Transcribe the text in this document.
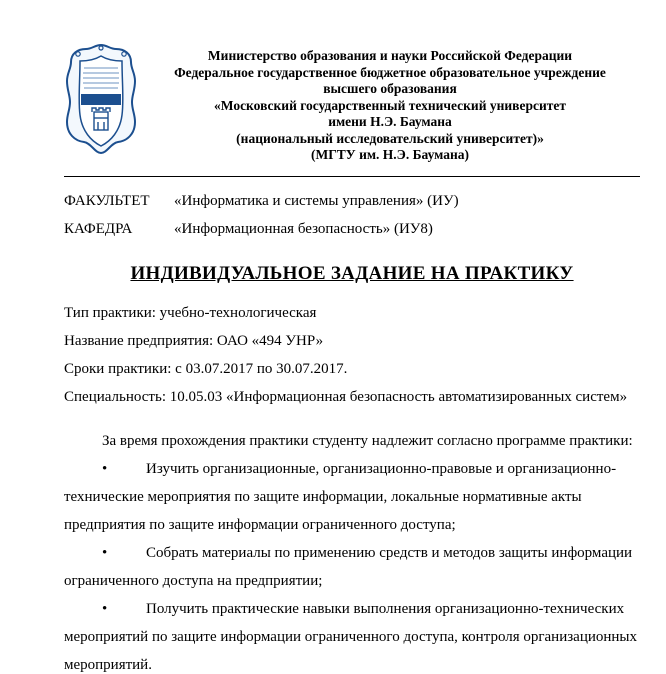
Министерство образования и науки Российской Федерации
Федеральное государственное бюджетное образовательное учреждение
высшего образования
«Московский государственный технический университет
имени Н.Э. Баумана
(национальный исследовательский университет)»
(МГТУ им. Н.Э. Баумана)
ФАКУЛЬТЕТ	«Информатика и системы управления» (ИУ)
КАФЕДРА	«Информационная безопасность» (ИУ8)
ИНДИВИДУАЛЬНОЕ ЗАДАНИЕ НА ПРАКТИКУ

Тип практики: учебно-технологическая

Название предприятия: ОАО «494 УНР»

Сроки практики: с 03.07.2017 по 30.07.2017.

Специальность: 10.05.03 «Информационная безопасность автоматизированных систем»

За время прохождения практики студенту надлежит согласно программе практики:

•	Изучить организационные, организационно-правовые и организационно-технические мероприятия по защите информации, локальные нормативные акты предприятия по защите информации ограниченного доступа;

•	Собрать материалы по применению средств и методов защиты информации ограниченного доступа на предприятии;

•	Получить практические навыки выполнения организационно-технических мероприятий по защите информации ограниченного доступа, контроля организационных мероприятий.
